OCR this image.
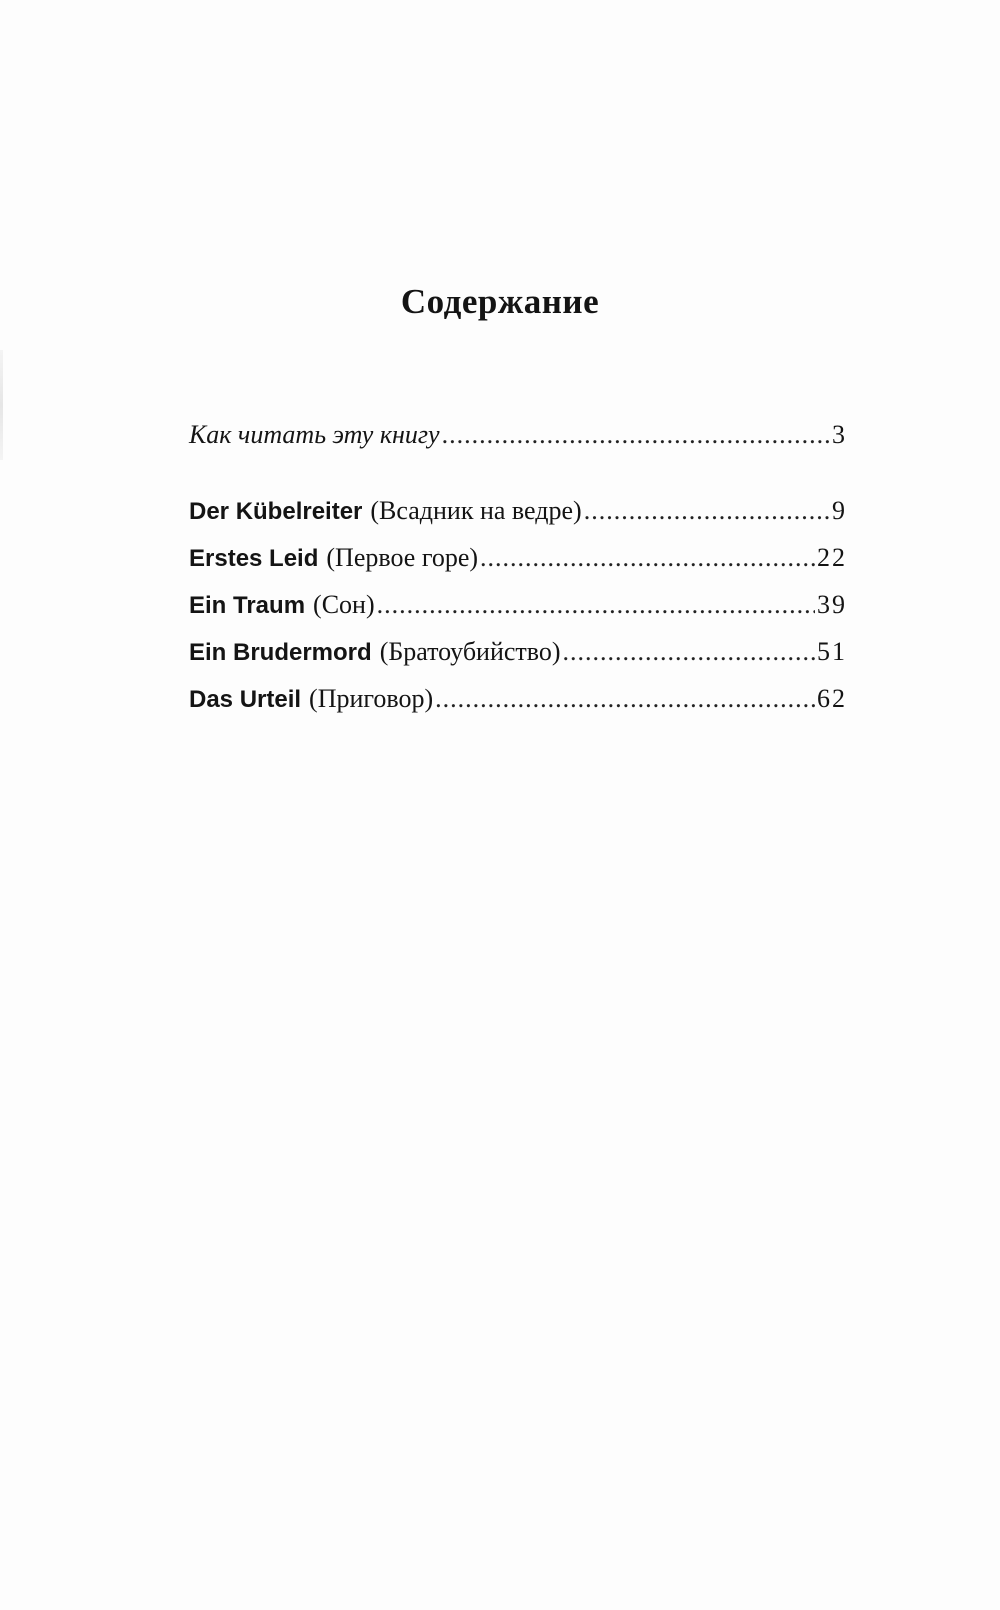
Содержание
Как читать эту книгу .....	3
Der Kübelreiter (Всадник на ведре) .....	9
Erstes Leid (Первое горе) .....	22
Ein Traum (Сон) .....	39
Ein Brudermord (Братоубийство) .....	51
Das Urteil (Приговор) .....	62
